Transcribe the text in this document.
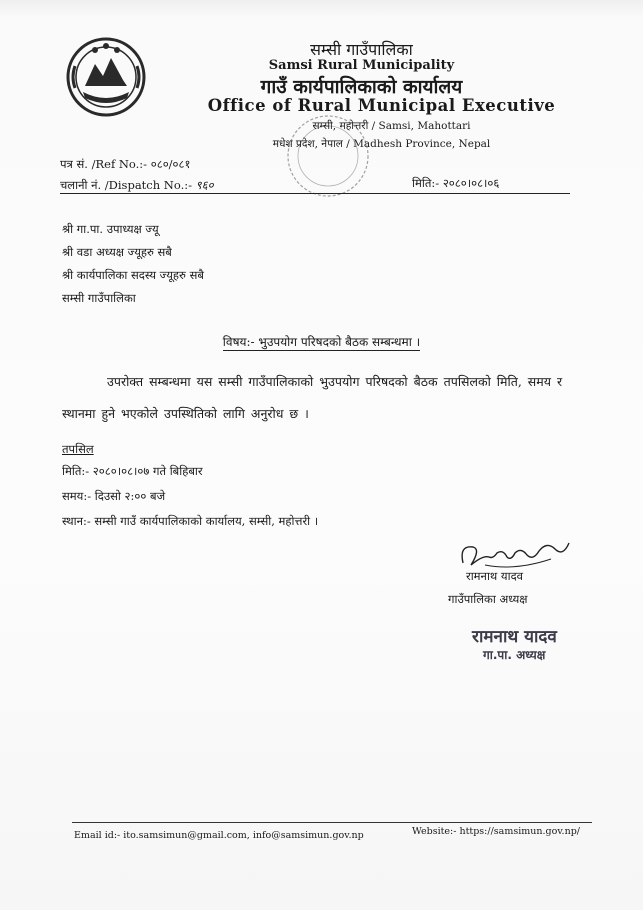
सम्सी गाउँपालिका
Samsi Rural Municipality
गाउँ कार्यपालिकाको कार्यालय
Office of Rural Municipal Executive
सम्सी, महोत्तरी / Samsi, Mahottari
मधेश प्रदेश, नेपाल / Madhesh Province, Nepal
पत्र सं. /Ref No.:- ०८०/०८१
चलानी नं. /Dispatch No.:- ९६०	मिति:- २०८०।०८।०६
श्री गा.पा. उपाध्यक्ष ज्यू
श्री वडा अध्यक्ष ज्यूहरु सबै
श्री कार्यपालिका सदस्य ज्यूहरु सबै
सम्सी गाउँपालिका
विषय:- भुउपयोग परिषदको बैठक सम्बन्धमा ।
उपरोक्त सम्बन्धमा यस सम्सी गाउँपालिकाको भुउपयोग परिषदको बैठक तपसिलको मिति, समय र स्थानमा हुने भएकोले उपस्थितिको लागि अनुरोध छ ।
तपसिल
मिति:- २०८०।०८।०७ गते बिहिबार
समय:- दिउसो २:०० बजे
स्थान:- सम्सी गाउँ कार्यपालिकाको कार्यालय, सम्सी, महोत्तरी ।
रामनाथ यादव
गाउँपालिका अध्यक्ष
रामनाथ यादव
गा.पा. अध्यक्ष
Email id:- ito.samsimun@gmail.com, info@samsimun.gov.np	Website:- https://samsimun.gov.np/
